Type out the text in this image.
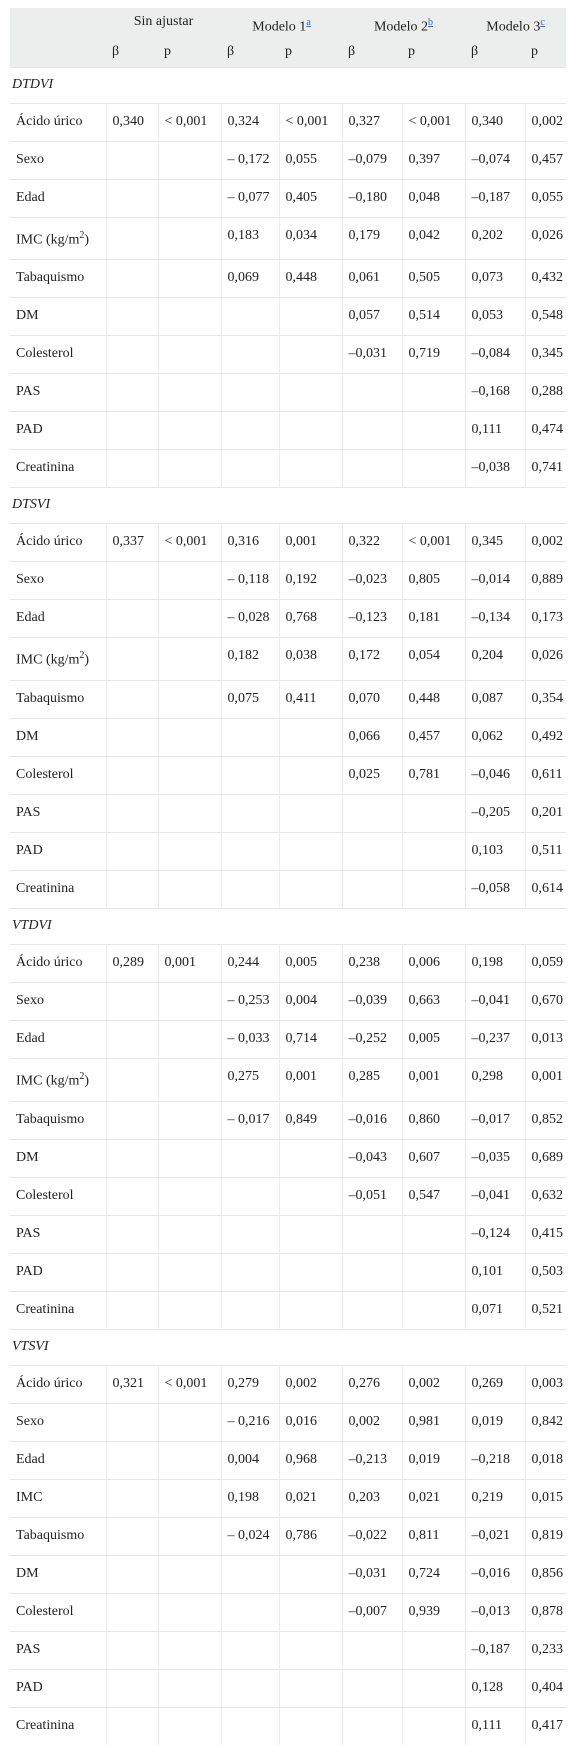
	Sin ajustar		Modelo 1$^a$		Modelo 2$^b$		Modelo 3$^c$
	β	p	β	p	β	p	β	p
DTDVI								
Ácido úrico	0,340	< 0,001	0,324	< 0,001	0,327	< 0,001	0,340	0,002
Sexo			– 0,172	0,055	–0,079	0,397	–0,074	0,457
Edad			– 0,077	0,405	–0,180	0,048	–0,187	0,055
IMC $(kg/m^2)$			0,183	0,034	0,179	0,042	0,202	0,026
Tabaquismo			0,069	0,448	0,061	0,505	0,073	0,432
DM					0,057	0,514	0,053	0,548
Colesterol					–0,031	0,719	–0,084	0,345
PAS							–0,168	0,288
PAD							0,111	0,474
Creatinina							–0,038	0,741
DTSVI								
Ácido úrico	0,337	< 0,001	0,316	0,001	0,322	< 0,001	0,345	0,002
Sexo			– 0,118	0,192	–0,023	0,805	–0,014	0,889
Edad			– 0,028	0,768	–0,123	0,181	–0,134	0,173
IMC $(kg/m^2)$			0,182	0,038	0,172	0,054	0,204	0,026
Tabaquismo			0,075	0,411	0,070	0,448	0,087	0,354
DM					0,066	0,457	0,062	0,492
Colesterol					0,025	0,781	–0,046	0,611
PAS							–0,205	0,201
PAD							0,103	0,511
Creatinina							–0,058	0,614
VTDVI								
Ácido úrico	0,289	0,001	0,244	0,005	0,238	0,006	0,198	0,059
Sexo			– 0,253	0,004	–0,039	0,663	–0,041	0,670
Edad			– 0,033	0,714	–0,252	0,005	–0,237	0,013
IMC $(kg/m^2)$			0,275	0,001	0,285	0,001	0,298	0,001
Tabaquismo			– 0,017	0,849	–0,016	0,860	–0,017	0,852
DM					–0,043	0,607	–0,035	0,689
Colesterol					–0,051	0,547	–0,041	0,632
PAS							–0,124	0,415
PAD							0,101	0,503
Creatinina							0,071	0,521
VTSVI								
Ácido úrico	0,321	< 0,001	0,279	0,002	0,276	0,002	0,269	0,003
Sexo			– 0,216	0,016	0,002	0,981	0,019	0,842
Edad			0,004	0,968	–0,213	0,019	–0,218	0,018
IMC			0,198	0,021	0,203	0,021	0,219	0,015
Tabaquismo			– 0,024	0,786	–0,022	0,811	–0,021	0,819
DM					–0,031	0,724	–0,016	0,856
Colesterol					–0,007	0,939	–0,013	0,878
PAS							–0,187	0,233
PAD							0,128	0,404
Creatinina							0,111	0,417
